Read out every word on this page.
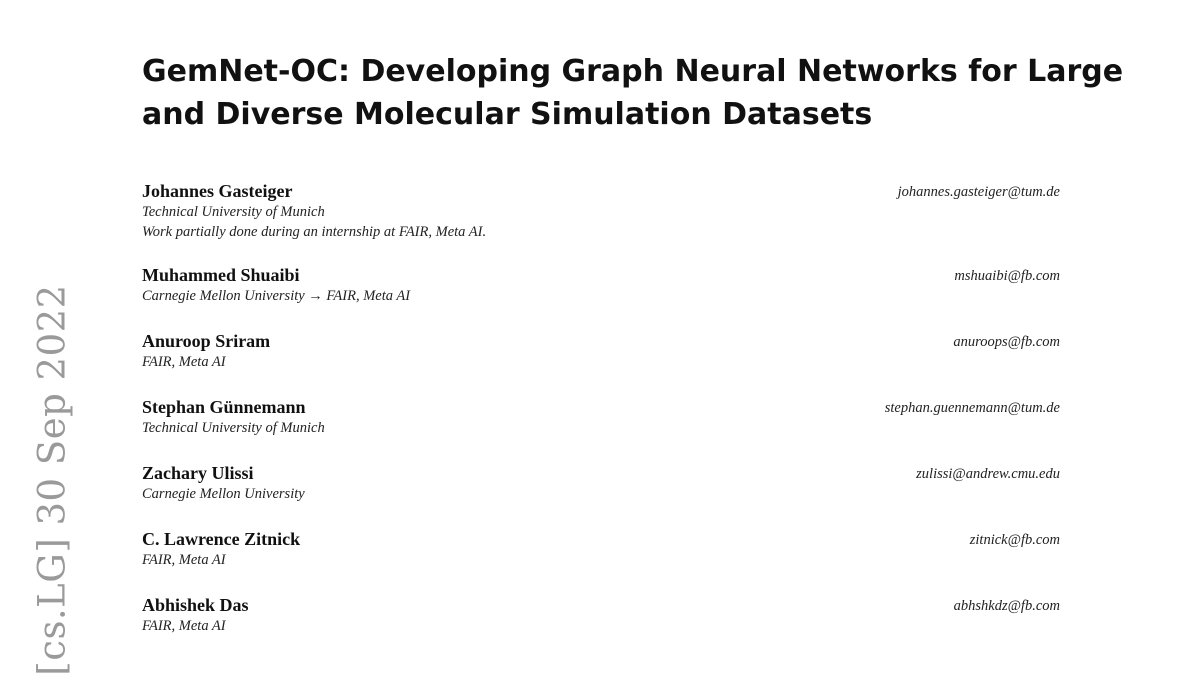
[cs.LG] 30 Sep 2022
GemNet-OC: Developing Graph Neural Networks for Large
and Diverse Molecular Simulation Datasets
Johannes Gasteiger
Technical University of Munich
Work partially done during an internship at FAIR, Meta AI.
johannes.gasteiger@tum.de
Muhammed Shuaibi
Carnegie Mellon University → FAIR, Meta AI
mshuaibi@fb.com
Anuroop Sriram
FAIR, Meta AI
anuroops@fb.com
Stephan Günnemann
Technical University of Munich
stephan.guennemann@tum.de
Zachary Ulissi
Carnegie Mellon University
zulissi@andrew.cmu.edu
C. Lawrence Zitnick
FAIR, Meta AI
zitnick@fb.com
Abhishek Das
FAIR, Meta AI
abhshkdz@fb.com
